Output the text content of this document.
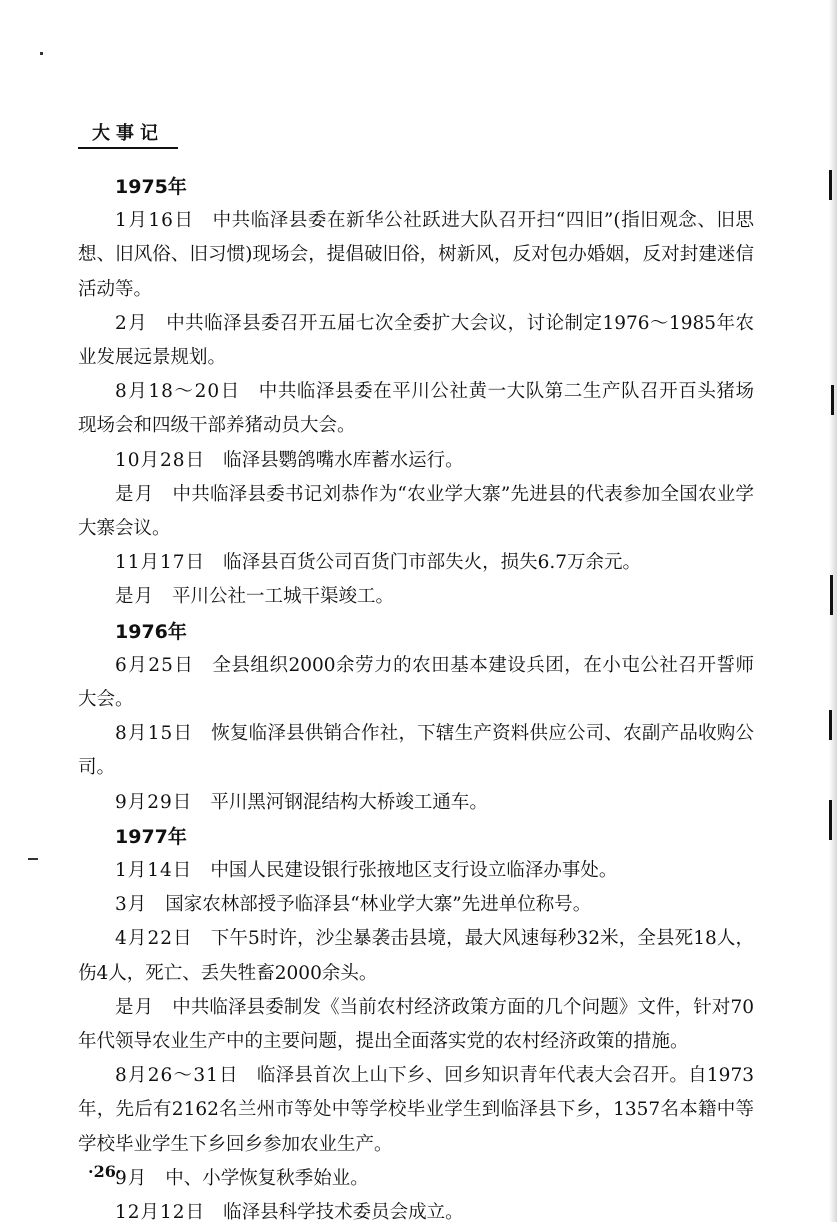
大事记

1975年

1月16日 中共临泽县委在新华公社跃进大队召开扫“四旧”(指旧观念、旧思想、旧风俗、旧习惯)现场会，提倡破旧俗，树新风，反对包办婚姻，反对封建迷信活动等。

2月 中共临泽县委召开五届七次全委扩大会议，讨论制定1976～1985年农业发展远景规划。

8月18～20日 中共临泽县委在平川公社黄一大队第二生产队召开百头猪场现场会和四级干部养猪动员大会。

10月28日 临泽县鹦鸽嘴水库蓄水运行。

是月 中共临泽县委书记刘恭作为“农业学大寨”先进县的代表参加全国农业学大寨会议。

11月17日 临泽县百货公司百货门市部失火，损失6.7万余元。

是月 平川公社一工城干渠竣工。

1976年

6月25日 全县组织2000余劳力的农田基本建设兵团，在小屯公社召开誓师大会。

8月15日 恢复临泽县供销合作社，下辖生产资料供应公司、农副产品收购公司。

9月29日 平川黑河钢混结构大桥竣工通车。

1977年

1月14日 中国人民建设银行张掖地区支行设立临泽办事处。

3月 国家农林部授予临泽县“林业学大寨”先进单位称号。

4月22日 下午5时许，沙尘暴袭击县境，最大风速每秒32米，全县死18人，伤4人，死亡、丢失牲畜2000余头。

是月 中共临泽县委制发《当前农村经济政策方面的几个问题》文件，针对70年代领导农业生产中的主要问题，提出全面落实党的农村经济政策的措施。

8月26～31日 临泽县首次上山下乡、回乡知识青年代表大会召开。自1973年，先后有2162名兰州市等处中等学校毕业学生到临泽县下乡，1357名本籍中等学校毕业学生下乡回乡参加农业生产。

9月 中、小学恢复秋季始业。

12月12日 临泽县科学技术委员会成立。

·26·
